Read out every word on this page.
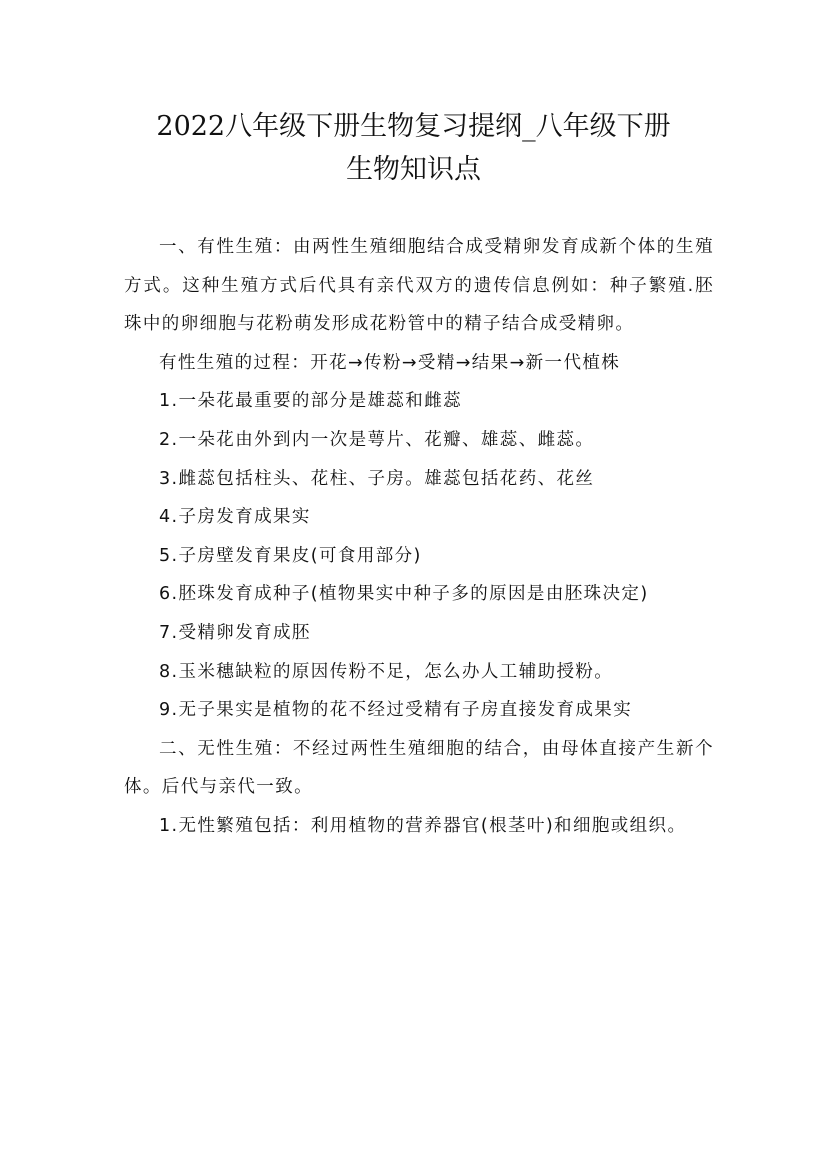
2022八年级下册生物复习提纲_八年级下册
生物知识点

一、有性生殖：由两性生殖细胞结合成受精卵发育成新个体的生殖方式。这种生殖方式后代具有亲代双方的遗传信息例如：种子繁殖.胚珠中的卵细胞与花粉萌发形成花粉管中的精子结合成受精卵。

有性生殖的过程：开花→传粉→受精→结果→新一代植株

1.一朵花最重要的部分是雄蕊和雌蕊

2.一朵花由外到内一次是萼片、花瓣、雄蕊、雌蕊。

3.雌蕊包括柱头、花柱、子房。雄蕊包括花药、花丝

4.子房发育成果实

5.子房壁发育果皮(可食用部分)

6.胚珠发育成种子(植物果实中种子多的原因是由胚珠决定)

7.受精卵发育成胚

8.玉米穗缺粒的原因传粉不足，怎么办人工辅助授粉。

9.无子果实是植物的花不经过受精有子房直接发育成果实

二、无性生殖：不经过两性生殖细胞的结合，由母体直接产生新个体。后代与亲代一致。

1.无性繁殖包括：利用植物的营养器官(根茎叶)和细胞或组织。
